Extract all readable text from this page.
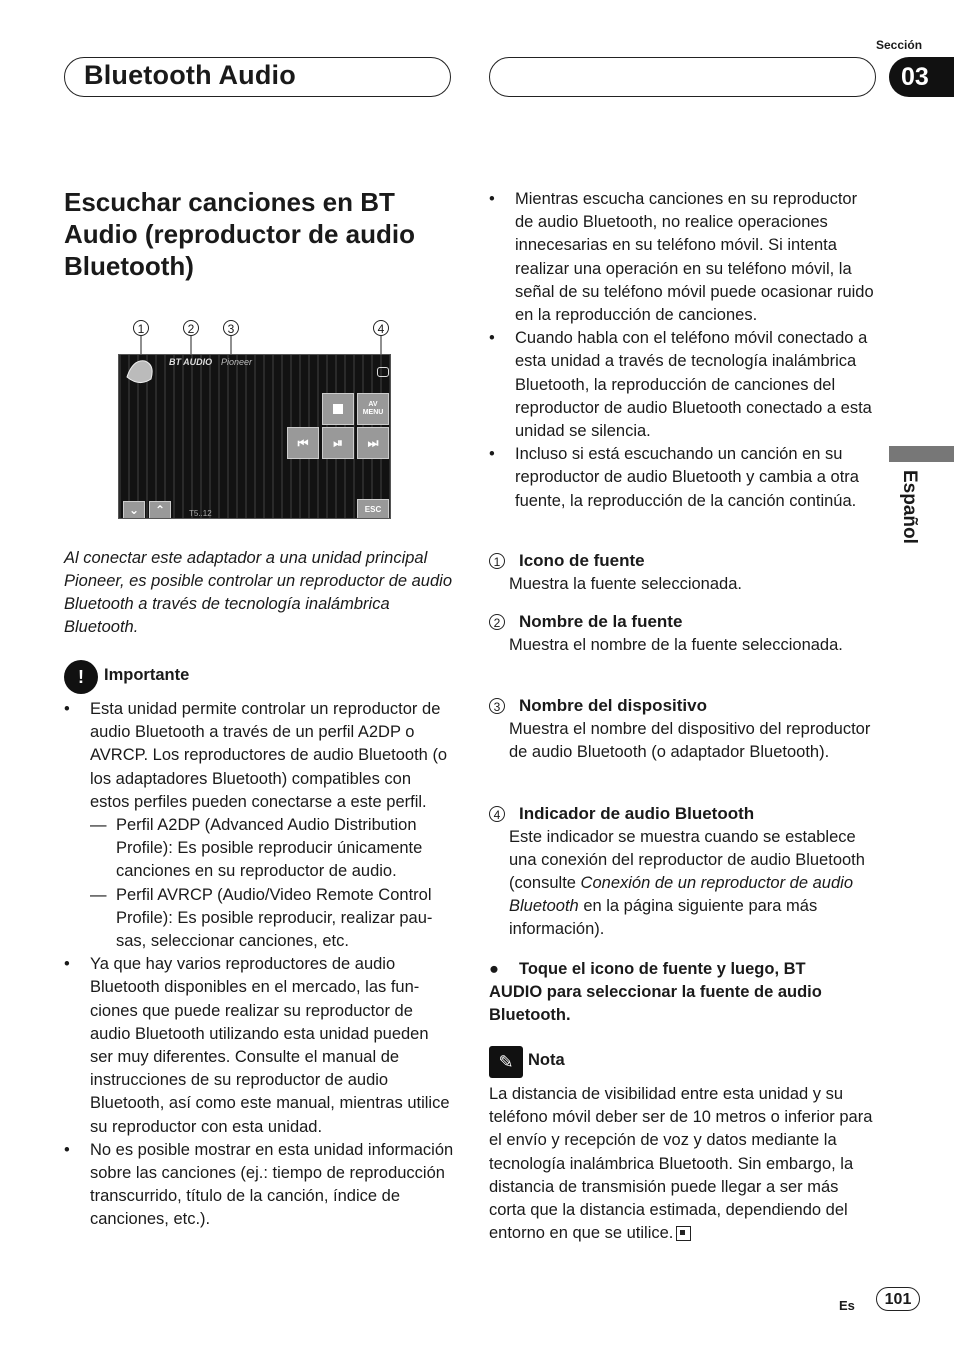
Bluetooth Audio
Sección
03
Español
Escuchar canciones en BT Audio (reproductor de audio Bluetooth)
1	2	3	4
BT AUDIO Pioneer
AV
MENU
⏮ ⏯ ⏭
⌄ ⌃	T5..12	ESC
Al conectar este adaptador a una unidad principal Pioneer, es posible controlar un reproductor de audio Bluetooth a través de tecnología inalámbrica Bluetooth.
!	Importante
• Esta unidad permite controlar un reproductor de audio Bluetooth a través de un perfil A2DP o AVRCP. Los reproductores de audio Bluetooth (o los adaptadores Bluetooth) compatibles con estos perfiles pueden conectarse a este perfil.
— Perfil A2DP (Advanced Audio Distribution Profile): Es posible reproducir únicamente canciones en su reproductor de audio.
— Perfil AVRCP (Audio/Video Remote Control Profile): Es posible reproducir, realizar pausas, seleccionar canciones, etc.
• Ya que hay varios reproductores de audio Bluetooth disponibles en el mercado, las funciones que puede realizar su reproductor de audio Bluetooth utilizando esta unidad pueden ser muy diferentes. Consulte el manual de instrucciones de su reproductor de audio Bluetooth, así como este manual, mientras utilice su reproductor con esta unidad.
• No es posible mostrar en esta unidad información sobre las canciones (ej.: tiempo de reproducción transcurrido, título de la canción, índice de canciones, etc.).
• Mientras escucha canciones en su reproductor de audio Bluetooth, no realice operaciones innecesarias en su teléfono móvil. Si intenta realizar una operación en su teléfono móvil, la señal de su teléfono móvil puede ocasionar ruido en la reproducción de canciones.
• Cuando habla con el teléfono móvil conectado a esta unidad a través de tecnología inalámbrica Bluetooth, la reproducción de canciones del reproductor de audio Bluetooth conectado a esta unidad se silencia.
• Incluso si está escuchando un canción en su reproductor de audio Bluetooth y cambia a otra fuente, la reproducción de la canción continúa.
1 Icono de fuente
Muestra la fuente seleccionada.
2 Nombre de la fuente
Muestra el nombre de la fuente seleccionada.
3 Nombre del dispositivo
Muestra el nombre del dispositivo del reproductor de audio Bluetooth (o adaptador Bluetooth).
4 Indicador de audio Bluetooth
Este indicador se muestra cuando se establece una conexión del reproductor de audio Bluetooth (consulte Conexión de un reproductor de audio Bluetooth en la página siguiente para más información).
● Toque el icono de fuente y luego, BT AUDIO para seleccionar la fuente de audio Bluetooth.
✎ Nota
La distancia de visibilidad entre esta unidad y su teléfono móvil deber ser de 10 metros o inferior para el envío y recepción de voz y datos mediante la tecnología inalámbrica Bluetooth. Sin embargo, la distancia de transmisión puede llegar a ser más corta que la distancia estimada, dependiendo del entorno en que se utilice.
Es	101
